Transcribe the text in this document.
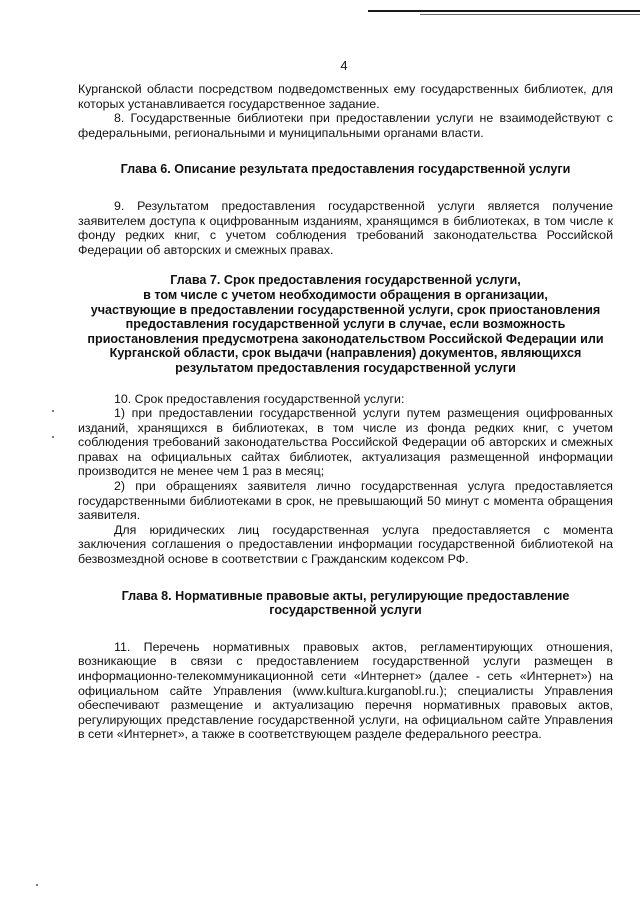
4

Курганской области посредством подведомственных ему государственных библиотек, для которых устанавливается государственное задание.

8. Государственные библиотеки при предоставлении услуги не взаимодействуют с федеральными, региональными и муниципальными органами власти.

Глава 6. Описание результата предоставления государственной услуги

9. Результатом предоставления государственной услуги является получение заявителем доступа к оцифрованным изданиям, хранящимся в библиотеках, в том числе к фонду редких книг, с учетом соблюдения требований законодательства Российской Федерации об авторских и смежных правах.

Глава 7. Срок предоставления государственной услуги,
в том числе с учетом необходимости обращения в организации,
участвующие в предоставлении государственной услуги, срок приостановления
предоставления государственной услуги в случае, если возможность
приостановления предусмотрена законодательством Российской Федерации или
Курганской области, срок выдачи (направления) документов, являющихся
результатом предоставления государственной услуги

10. Срок предоставления государственной услуги:

1) при предоставлении государственной услуги путем размещения оцифрованных изданий, хранящихся в библиотеках, в том числе из фонда редких книг, с учетом соблюдения требований законодательства Российской Федерации об авторских и смежных правах на официальных сайтах библиотек, актуализация размещенной информации производится не менее чем 1 раз в месяц;

2) при обращениях заявителя лично государственная услуга предоставляется государственными библиотеками в срок, не превышающий 50 минут с момента обращения заявителя.

Для юридических лиц государственная услуга предоставляется с момента заключения соглашения о предоставлении информации государственной библиотекой на безвозмездной основе в соответствии с Гражданским кодексом РФ.

Глава 8. Нормативные правовые акты, регулирующие предоставление
государственной услуги

11. Перечень нормативных правовых актов, регламентирующих отношения, возникающие в связи с предоставлением государственной услуги размещен в информационно-телекоммуникационной сети «Интернет» (далее - сеть «Интернет») на официальном сайте Управления (www.kultura.kurganobl.ru.); специалисты Управления обеспечивают размещение и актуализацию перечня нормативных правовых актов, регулирующих представление государственной услуги, на официальном сайте Управления в сети «Интернет», а также в соответствующем разделе федерального реестра.
